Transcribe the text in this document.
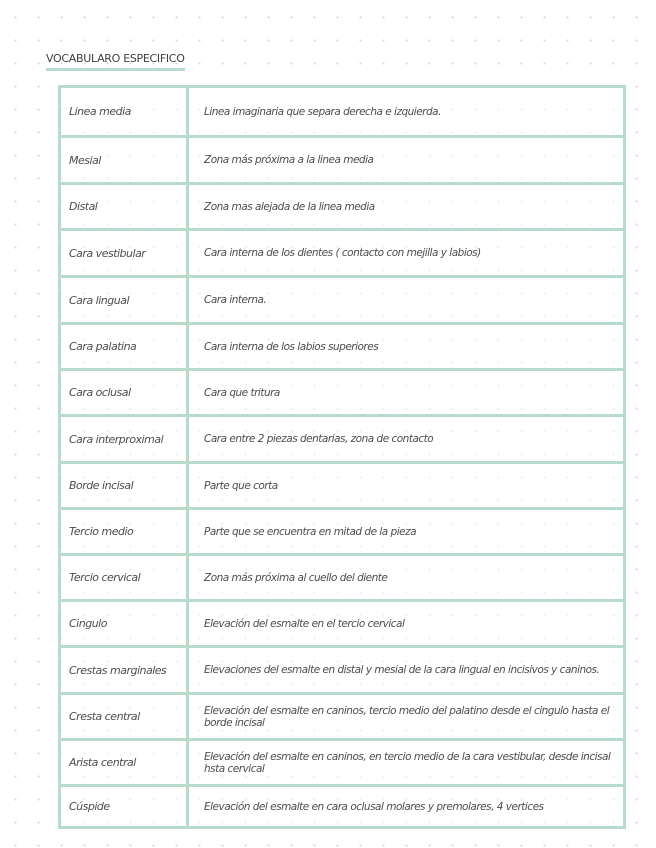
VOCABULARO ESPECIFICO
Linea media	Linea imaginaria que separa derecha e izquierda.
Mesial	Zona más próxima a la linea media
Distal	Zona mas alejada de la linea media
Cara vestibular	Cara interna de los dientes ( contacto con mejilla y labios)
Cara lingual	Cara interna.
Cara palatina	Cara interna de los labios superiores
Cara oclusal	Cara que tritura
Cara interproximal	Cara entre 2 piezas dentarias, zona de contacto
Borde incisal	Parte que corta
Tercio medio	Parte que se encuentra en mitad de la pieza
Tercio cervical	Zona más próxima al cuello del diente
Cingulo	Elevación del esmalte en el tercio cervical
Crestas marginales	Elevaciones del esmalte en distal y mesial de la cara lingual en incisivos y caninos.
Cresta central	Elevación del esmalte en caninos, tercio medio del palatino desde el cingulo hasta el borde incisal
Arista central	Elevación del esmalte en caninos, en tercio medio de la cara vestibular, desde incisal hsta cervical
Cúspide	Elevación del esmalte en cara oclusal molares y premolares, 4 vertices
